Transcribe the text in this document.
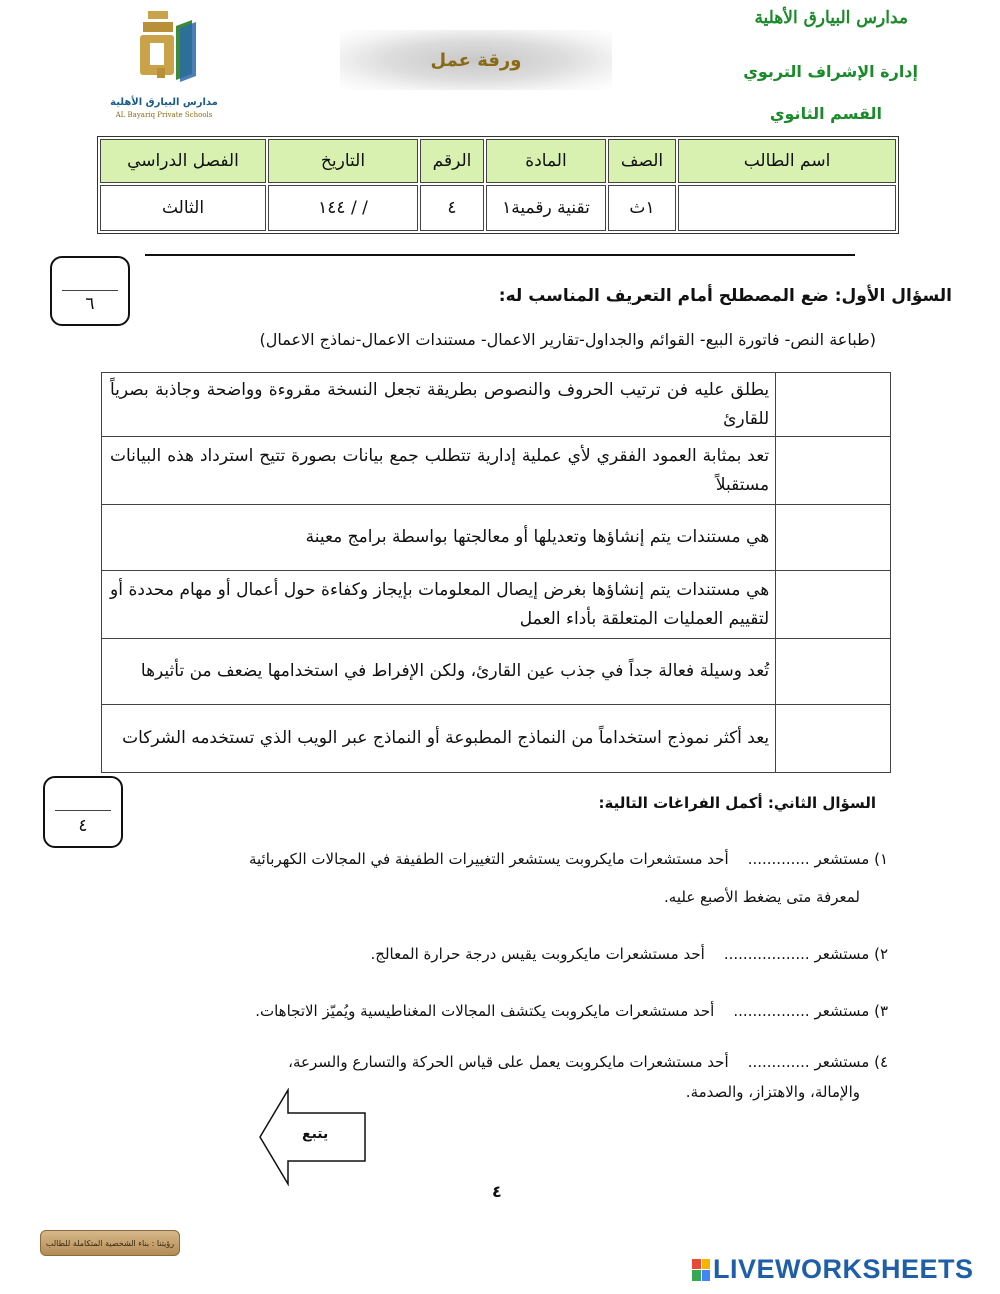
مدارس البيارق الأهلية
إدارة الإشراف التربوي
القسم الثانوي
ورقة عمل
مدارس البيارق الأهلية
AL Bayariq Private Schools
اسم الطالب	الصف	المادة	الرقم	التاريخ	الفصل الدراسي
	١ث	تقنية رقمية١	٤	/ / ١٤٤	الثالث
٦	السؤال الأول: ضع المصطلح أمام التعريف المناسب له:
(طباعة النص- فاتورة البيع- القوائم والجداول-تقارير الاعمال- مستندات الاعمال-نماذج الاعمال)
	يطلق عليه فن ترتيب الحروف والنصوص بطريقة تجعل النسخة مقروءة وواضحة وجاذبة بصرياً للقارئ
	تعد بمثابة العمود الفقري لأي عملية إدارية تتطلب جمع بيانات بصورة تتيح استرداد هذه البيانات مستقبلاً
	هي مستندات يتم إنشاؤها وتعديلها أو معالجتها بواسطة برامج معينة
	هي مستندات يتم إنشاؤها بغرض إيصال المعلومات بإيجاز وكفاءة حول أعمال أو مهام محددة أو لتقييم العمليات المتعلقة بأداء العمل
	تُعد وسيلة فعالة جداً في جذب عين القارئ، ولكن الإفراط في استخدامها يضعف من تأثيرها
	يعد أكثر نموذج استخداماً من النماذج المطبوعة أو النماذج عبر الويب الذي تستخدمه الشركات
٤
السؤال الثاني: أكمل الفراغات التالية:
١) مستشعر .............    أحد مستشعرات مايكروبت يستشعر التغييرات الطفيفة في المجالات الكهربائية
لمعرفة متى يضغط الأصبع عليه.
٢) مستشعر ..................    أحد مستشعرات مايكروبت يقيس درجة حرارة المعالج.
٣) مستشعر ................    أحد مستشعرات مايكروبت يكتشف المجالات المغناطيسية ويُميّز الاتجاهات.
٤) مستشعر .............    أحد مستشعرات مايكروبت يعمل على قياس الحركة والتسارع والسرعة،
والإمالة، والاهتزاز، والصدمة.
يتبع
٤
رؤيتنا : بناء الشخصية المتكاملة للطالب
LIVEWORKSHEETS
